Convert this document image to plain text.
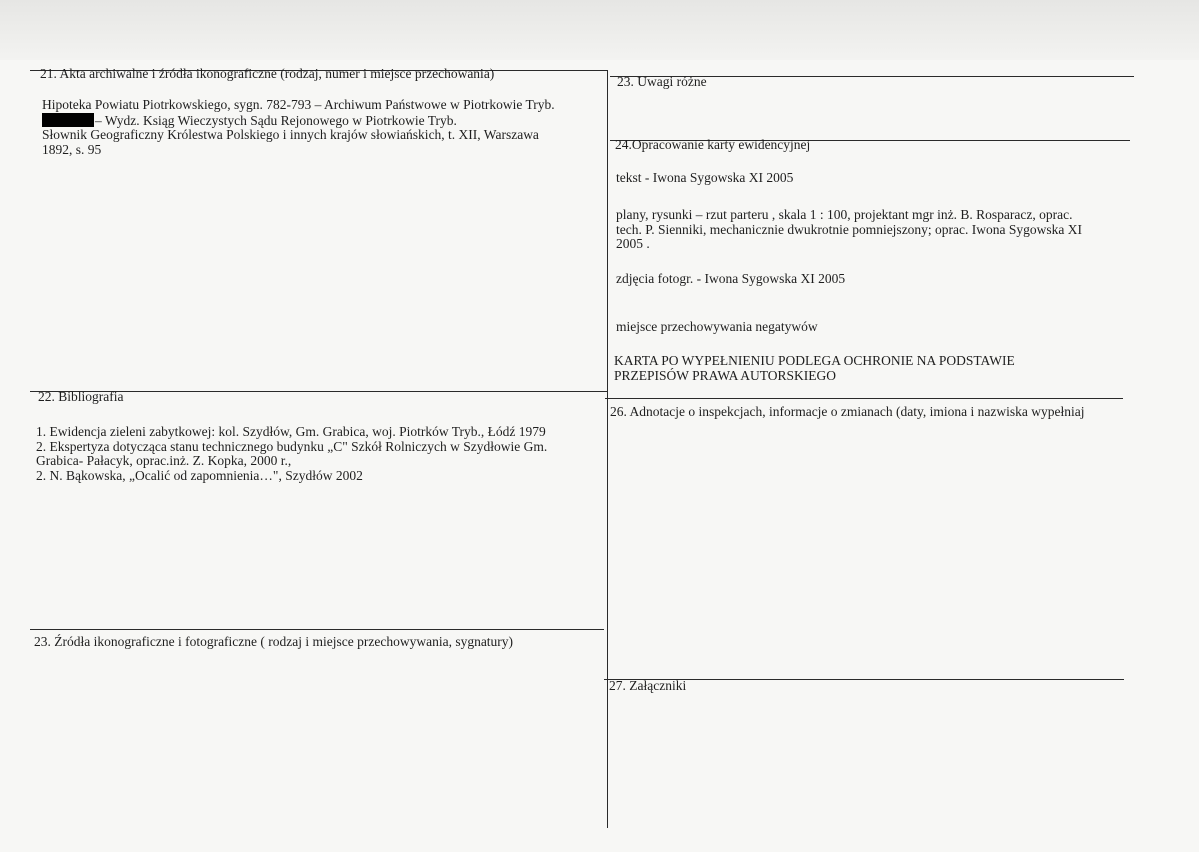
21. Akta archiwalne i źródła ikonograficzne (rodzaj, numer i miejsce przechowania)
Hipoteka Powiatu Piotrkowskiego, sygn. 782-793 – Archiwum Państwowe w Piotrkowie Tryb.
– Wydz. Ksiąg Wieczystych Sądu Rejonowego w Piotrkowie Tryb.
Słownik Geograficzny Królestwa Polskiego i innych krajów słowiańskich, t. XII, Warszawa
1892, s. 95
22. Bibliografia
1. Ewidencja zieleni zabytkowej: kol. Szydłów, Gm. Grabica, woj. Piotrków Tryb., Łódź 1979
2. Ekspertyza dotycząca stanu technicznego budynku „C" Szkół Rolniczych w Szydłowie Gm.
Grabica- Pałacyk, oprac.inż. Z. Kopka, 2000 r.,
2. N. Bąkowska, „Ocalić od zapomnienia…", Szydłów 2002
23. Źródła ikonograficzne i fotograficzne ( rodzaj i miejsce przechowywania, sygnatury)
23. Uwagi różne
24.Opracowanie karty ewidencyjnej
tekst - Iwona Sygowska XI 2005
plany, rysunki – rzut parteru , skala 1 : 100, projektant mgr inż. B. Rosparacz, oprac.
tech. P. Sienniki, mechanicznie dwukrotnie pomniejszony; oprac. Iwona Sygowska XI
2005 .
zdjęcia fotogr. - Iwona Sygowska XI 2005
miejsce przechowywania negatywów
KARTA PO WYPEŁNIENIU PODLEGA OCHRONIE NA PODSTAWIE
PRZEPISÓW PRAWA AUTORSKIEGO
26. Adnotacje o inspekcjach, informacje o zmianach (daty, imiona i nazwiska wypełniaj
27. Załączniki
